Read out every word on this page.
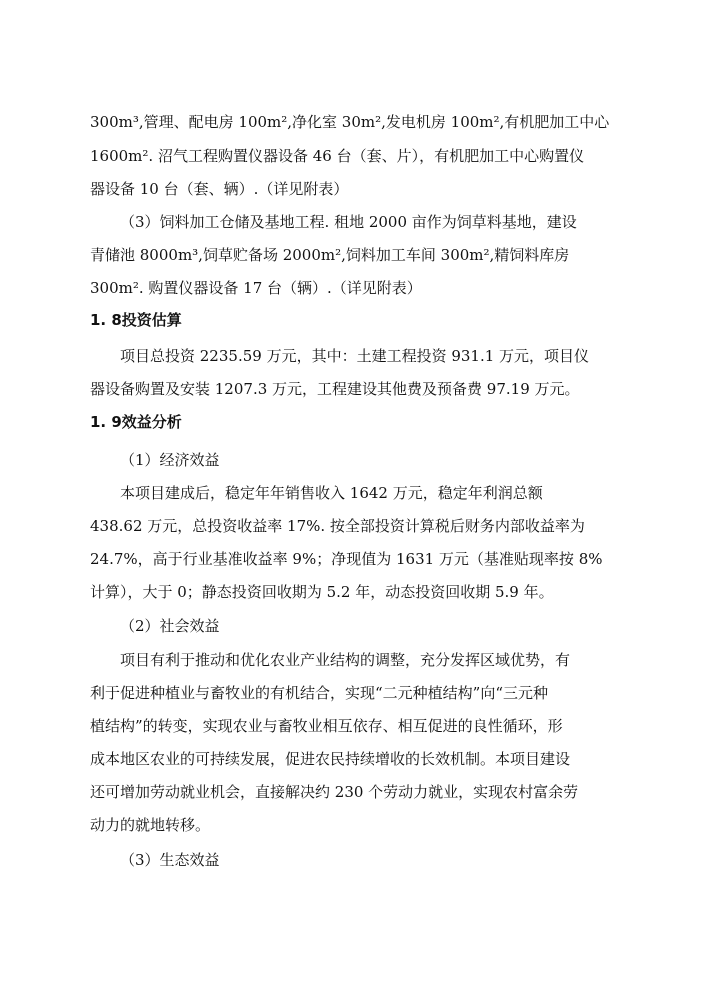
300m³,管理、配电房 100m²,净化室 30m²,发电机房 100m²,有机肥加工中心
1600m². 沼气工程购置仪器设备 46 台（套、片），有机肥加工中心购置仪
器设备 10 台（套、辆）.（详见附表）
（3）饲料加工仓储及基地工程. 租地 2000 亩作为饲草料基地，建设
青储池 8000m³,饲草贮备场 2000m²,饲料加工车间 300m²,精饲料库房
300m². 购置仪器设备 17 台（辆）.（详见附表）
1. 8投资估算
项目总投资 2235.59 万元，其中：土建工程投资 931.1 万元，项目仪
器设备购置及安装 1207.3 万元，工程建设其他费及预备费 97.19 万元。
1. 9效益分析
（1）经济效益
本项目建成后，稳定年年销售收入 1642 万元，稳定年利润总额
438.62 万元，总投资收益率 17%. 按全部投资计算税后财务内部收益率为
24.7%，高于行业基准收益率 9%；净现值为 1631 万元（基准贴现率按 8%
计算），大于 0；静态投资回收期为 5.2 年，动态投资回收期 5.9 年。
（2）社会效益
项目有利于推动和优化农业产业结构的调整，充分发挥区域优势，有
利于促进种植业与畜牧业的有机结合，实现“二元种植结构”向“三元种
植结构”的转变，实现农业与畜牧业相互依存、相互促进的良性循环，形
成本地区农业的可持续发展，促进农民持续增收的长效机制。本项目建设
还可增加劳动就业机会，直接解决约 230 个劳动力就业，实现农村富余劳
动力的就地转移。
（3）生态效益
